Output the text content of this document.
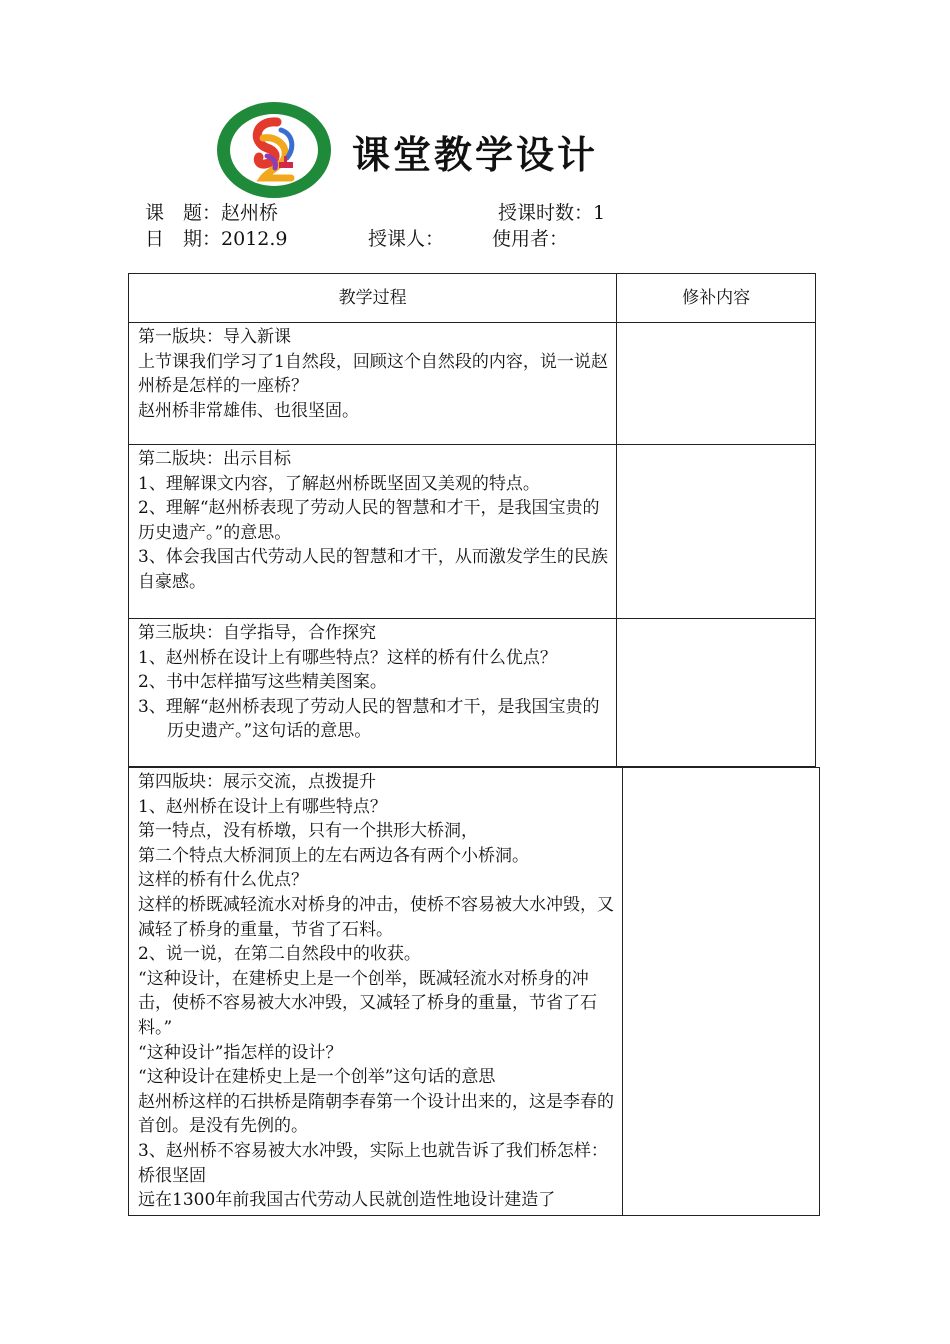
课堂教学设计
课　题：赵州桥	授课时数：1
日　期：2012.9	授课人：	使用者：
教学过程	修补内容

第一版块：导入新课

上节课我们学习了1自然段，回顾这个自然段的内容，说一说赵州桥是怎样的一座桥？

赵州桥非常雄伟、也很坚固。	

第二版块：出示目标

1、理解课文内容，了解赵州桥既坚固又美观的特点。

2、理解“赵州桥表现了劳动人民的智慧和才干，是我国宝贵的历史遗产。”的意思。

3、体会我国古代劳动人民的智慧和才干，从而激发学生的民族自豪感。	

第三版块：自学指导，合作探究

1、赵州桥在设计上有哪些特点？这样的桥有什么优点？

2、书中怎样描写这些精美图案。

3、理解“赵州桥表现了劳动人民的智慧和才干，是我国宝贵的历史遗产。”这句话的意思。	

第四版块：展示交流，点拨提升

1、赵州桥在设计上有哪些特点？

第一特点，没有桥墩，只有一个拱形大桥洞，

第二个特点大桥洞顶上的左右两边各有两个小桥洞。

这样的桥有什么优点？

这样的桥既减轻流水对桥身的冲击，使桥不容易被大水冲毁，又减轻了桥身的重量，节省了石料。

2、说一说，在第二自然段中的收获。

“这种设计，在建桥史上是一个创举，既减轻流水对桥身的冲击，使桥不容易被大水冲毁，又减轻了桥身的重量，节省了石料。”

“这种设计”指怎样的设计？

“这种设计在建桥史上是一个创举”这句话的意思

赵州桥这样的石拱桥是隋朝李春第一个设计出来的，这是李春的首创。是没有先例的。

3、赵州桥不容易被大水冲毁，实际上也就告诉了我们桥怎样：桥很坚固

远在1300年前我国古代劳动人民就创造性地设计建造了
